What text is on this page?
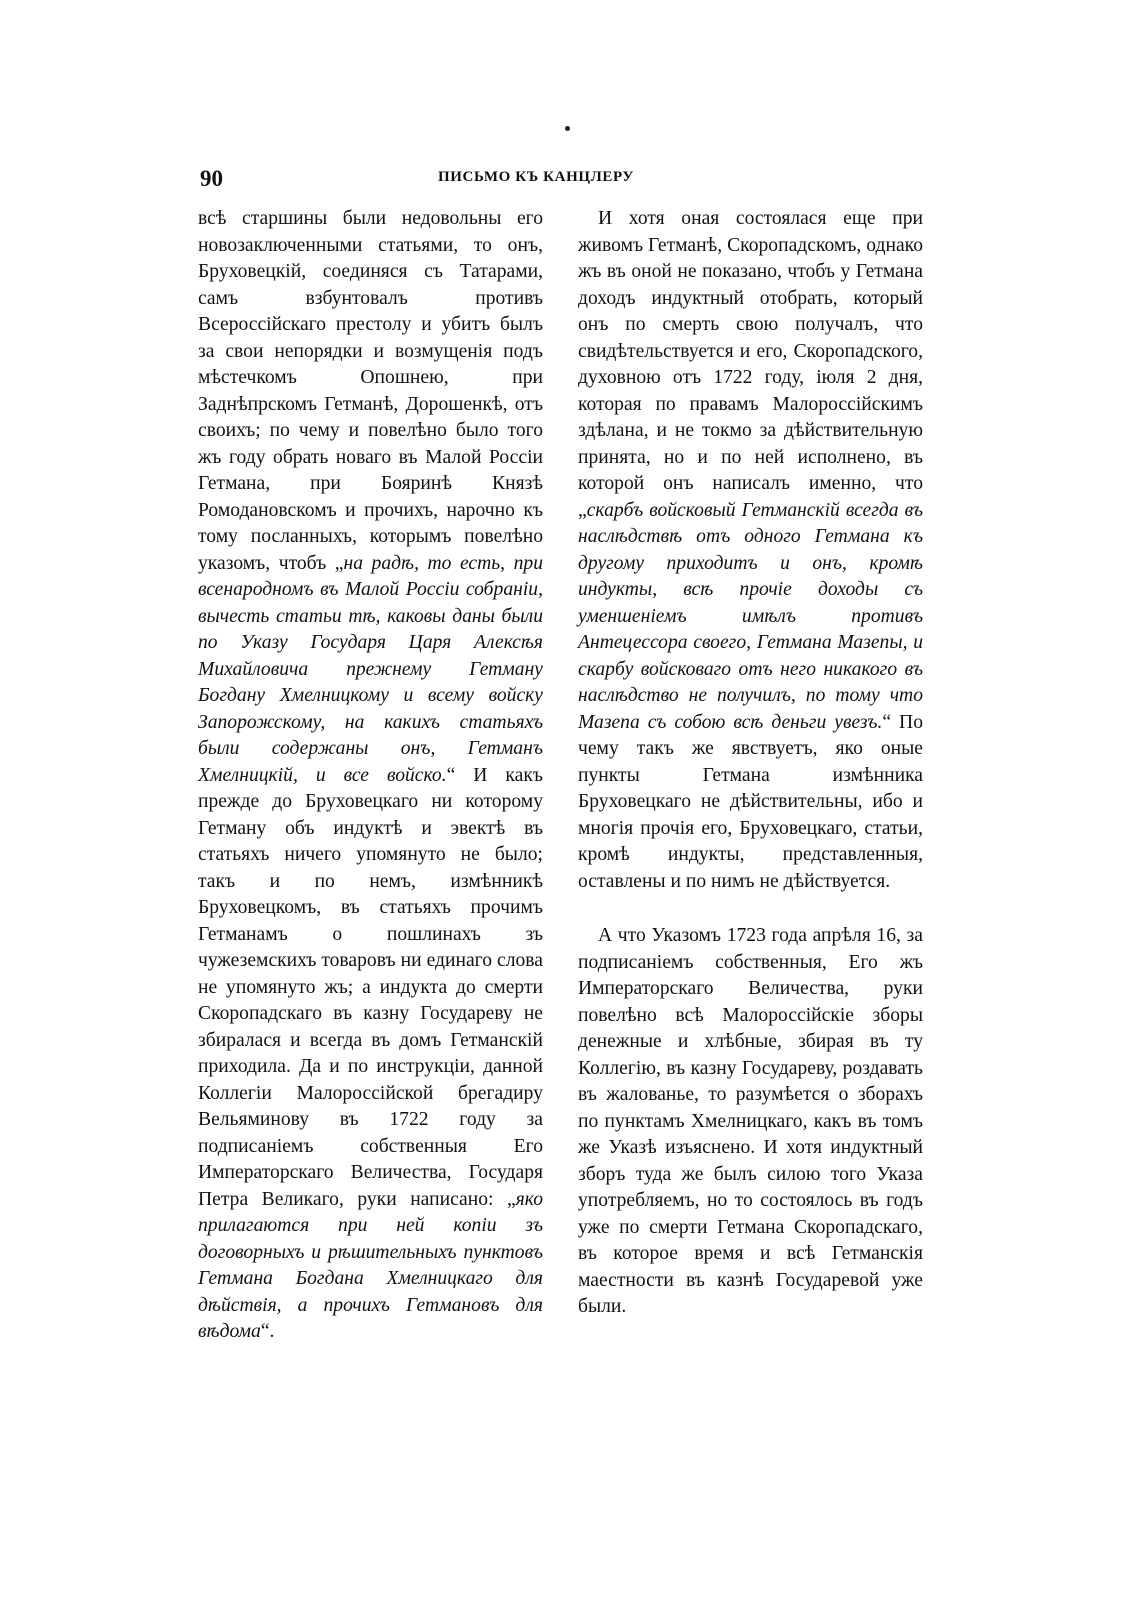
90	ПИСЬМО КЪ КАНЦЛЕРУ

всѣ старшины были недовольны его новозаключенными статьями, то онъ, Бруховецкій, соединяся съ Татарами, самъ взбунтовалъ противъ Всероссійскаго престолу и убитъ былъ за свои непорядки и возмущенія подъ мѣстечкомъ Опошнею, при Заднѣпрскомъ Гетманѣ, Дорошенкѣ, отъ своихъ; по чему и повелѣно было того жъ году обрать новаго въ Малой Россіи Гетмана, при Бояринѣ Князѣ Ромодановскомъ и прочихъ, нарочно къ тому посланныхъ, которымъ повелѣно указомъ, чтобъ „на радѣ, то есть, при всенародномъ въ Малой Россіи собраніи, вычесть статьи тѣ, каковы даны были по Указу Государя Царя Алексѣя Михайловича прежнему Гетману Богдану Хмелницкому и всему войску Запорожскому, на какихъ статьяхъ были содержаны онъ, Гетманъ Хмелницкій, и все войско.“ И какъ прежде до Бруховецкаго ни которому Гетману объ индуктѣ и эвектѣ въ статьяхъ ничего упомянуто не было; такъ и по немъ, измѣнникѣ Бруховецкомъ, въ статьяхъ прочимъ Гетманамъ о пошлинахъ зъ чужеземскихъ товаровъ ни единаго слова не упомянуто жъ; а индукта до смерти Скоропадскаго въ казну Государеву не збиралася и всегда въ домъ Гетманскій приходила. Да и по инструкціи, данной Коллегіи Малороссійской брегадиру Вельяминову въ 1722 году за подписаніемъ собственныя Его Императорскаго Величества, Государя Петра Великаго, руки написано: „яко прилагаются при ней копіи зъ договорныхъ и рѣшительныхъ пунктовъ Гетмана Богдана Хмелницкаго для дѣйствія, а прочихъ Гетмановъ для вѣдома“.

И хотя оная состоялася еще при живомъ Гетманѣ, Скоропадскомъ, однако жъ въ оной не показано, чтобъ у Гетмана доходъ индуктный отобрать, который онъ по смерть свою получалъ, что свидѣтельствуется и его, Скоропадского, духовною отъ 1722 году, іюля 2 дня, которая по правамъ Малороссійскимъ здѣлана, и не токмо за дѣйствительную принята, но и по ней исполнено, въ которой онъ написалъ именно, что „скарбъ войсковый Гетманскій всегда въ наслѣдствѣ отъ одного Гетмана къ другому приходитъ и онъ, кромѣ индукты, всѣ прочіе доходы съ уменшеніемъ имѣлъ противъ Антецессора своего, Гетмана Мазепы, и скарбу войсковаго отъ него никакого въ наслѣдство не получилъ, по тому что Мазепа съ собою всѣ деньги увезъ.“ По чему такъ же явствуетъ, яко оные пункты Гетмана измѣнника Бруховецкаго не дѣйствительны, ибо и многія прочія его, Бруховецкаго, статьи, кромѣ индукты, представленныя, оставлены и по нимъ не дѣйствуется.

А что Указомъ 1723 года апрѣля 16, за подписаніемъ собственныя, Его жъ Императорскаго Величества, руки повелѣно всѣ Малороссійскіе зборы денежные и хлѣбные, збирая въ ту Коллегію, въ казну Государеву, роздавать въ жалованье, то разумѣется о зборахъ по пунктамъ Хмелницкаго, какъ въ томъ же Указѣ изъяснено. И хотя индуктный зборъ туда же былъ силою того Указа употребляемъ, но то состоялось въ годъ уже по смерти Гетмана Скоропадскаго, въ которое время и всѣ Гетманскія маестности въ казнѣ Государевой уже были.
